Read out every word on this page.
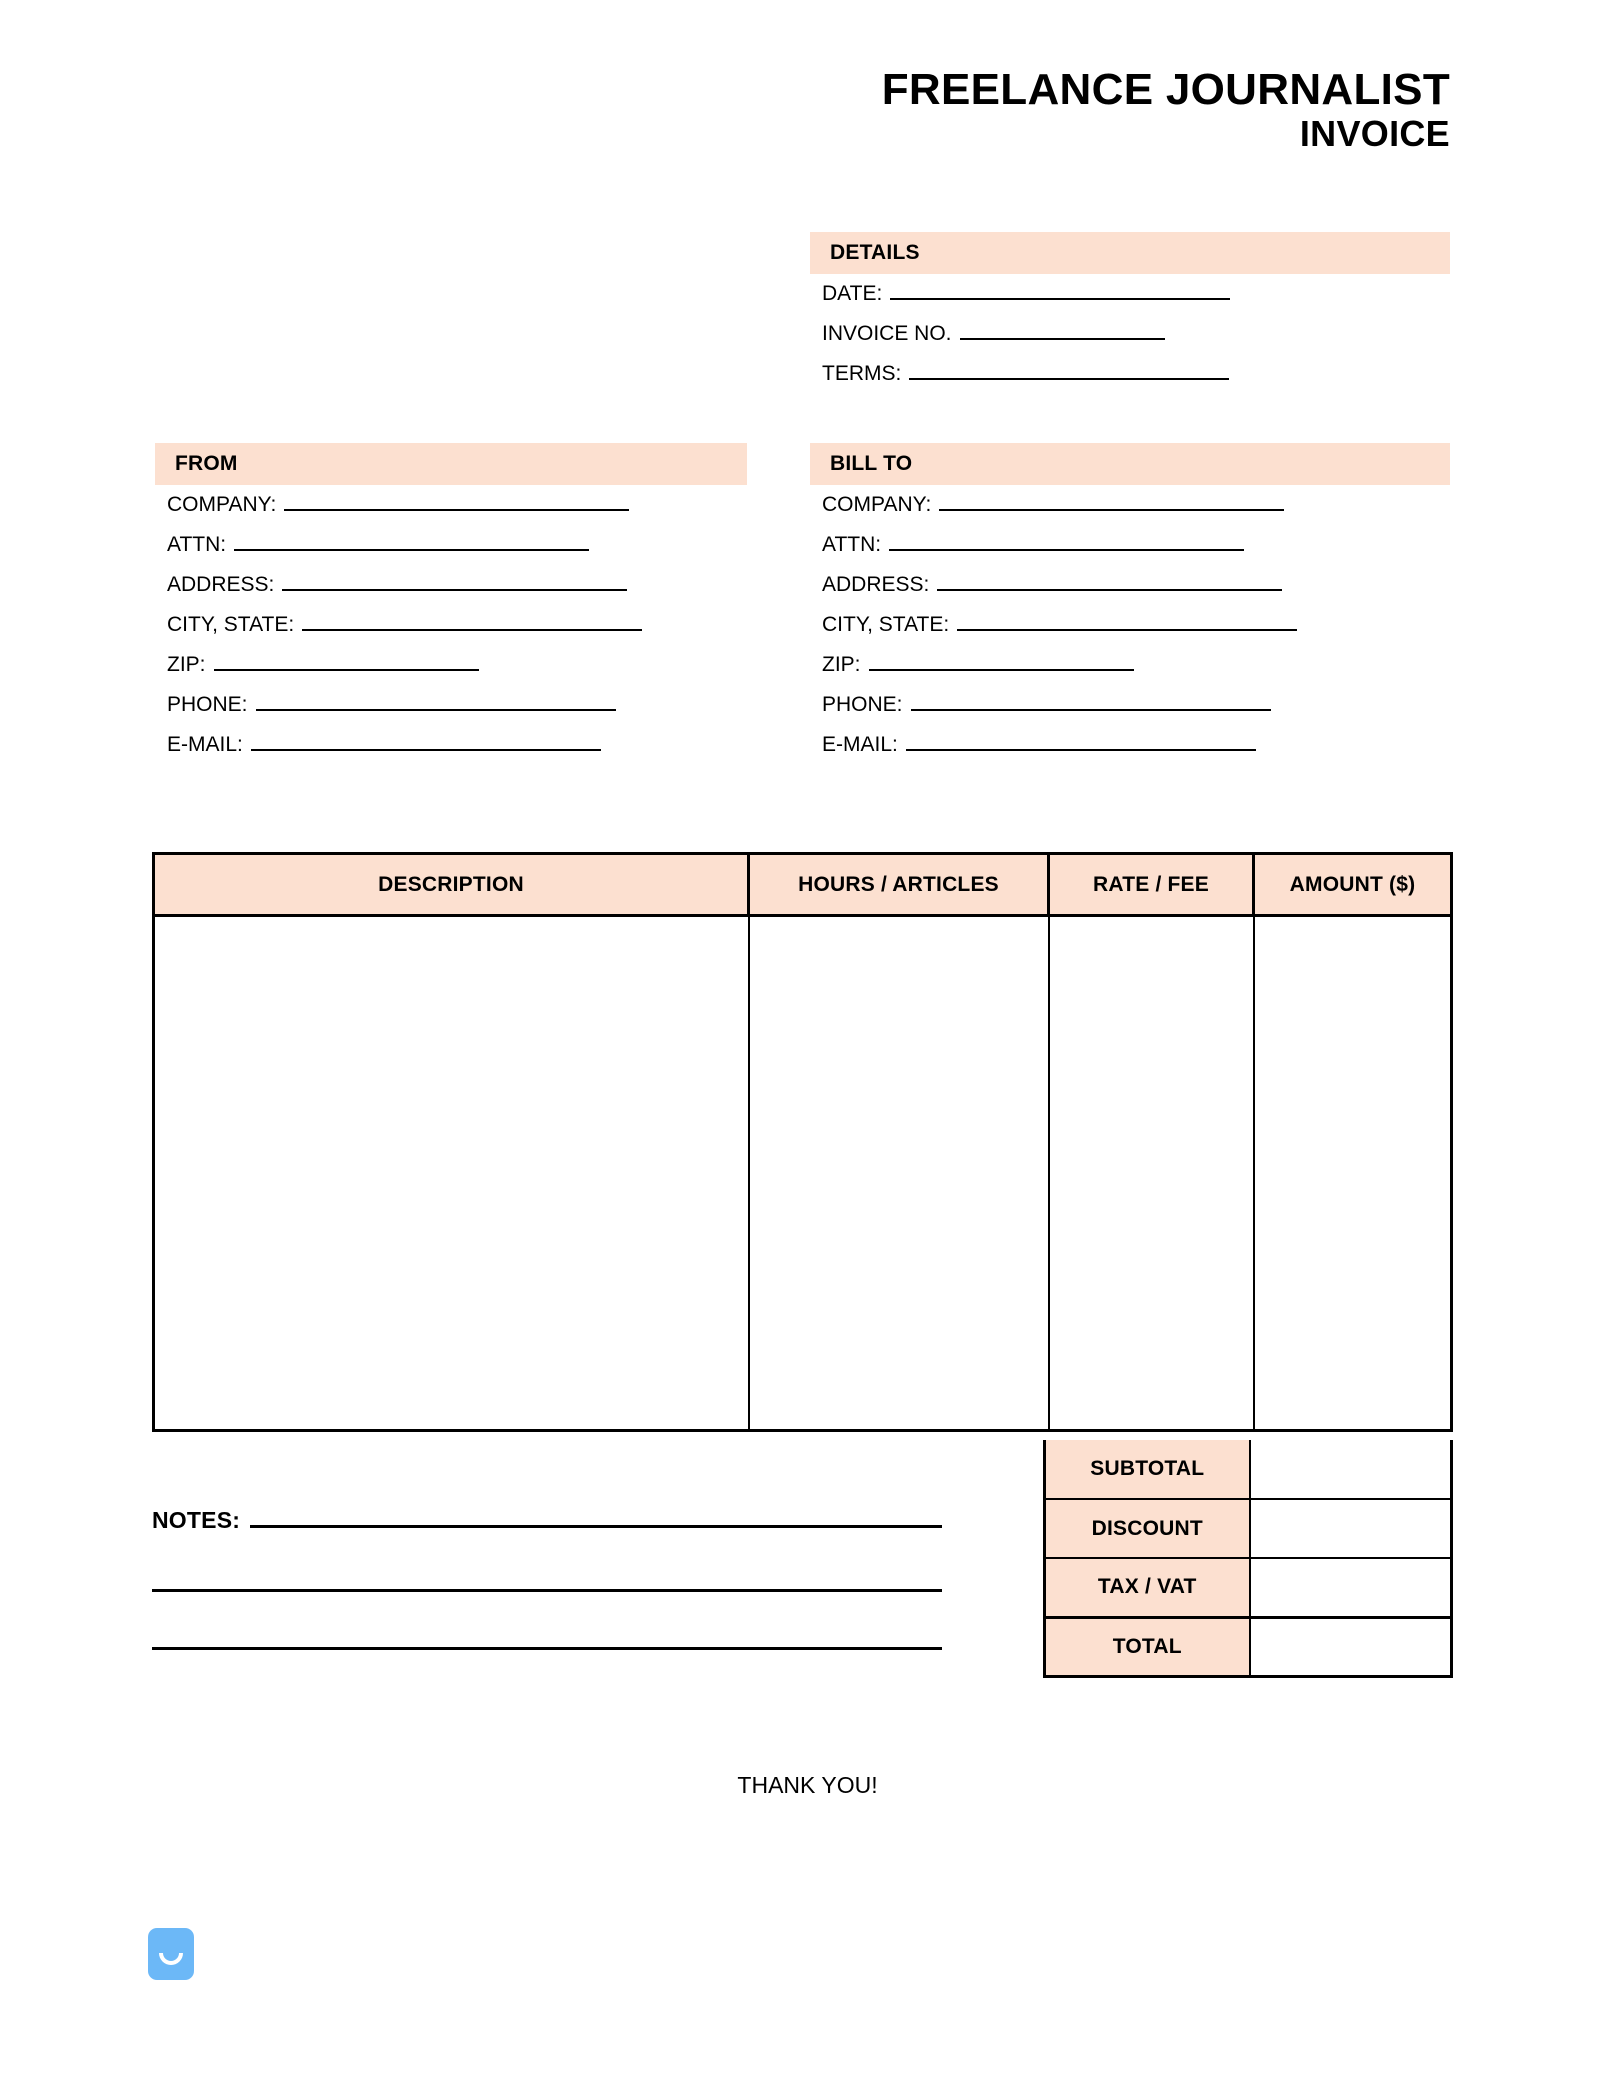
FREELANCE JOURNALIST
INVOICE
DETAILS
DATE:
INVOICE NO.
TERMS:
FROM
COMPANY:
ATTN:
ADDRESS:
CITY, STATE:
ZIP:
PHONE:
E-MAIL:
BILL TO
COMPANY:
ATTN:
ADDRESS:
CITY, STATE:
ZIP:
PHONE:
E-MAIL:
DESCRIPTION	HOURS / ARTICLES	RATE / FEE	AMOUNT ($)

SUBTOTAL	
DISCOUNT	
TAX / VAT	
TOTAL	
NOTES:
THANK YOU!
